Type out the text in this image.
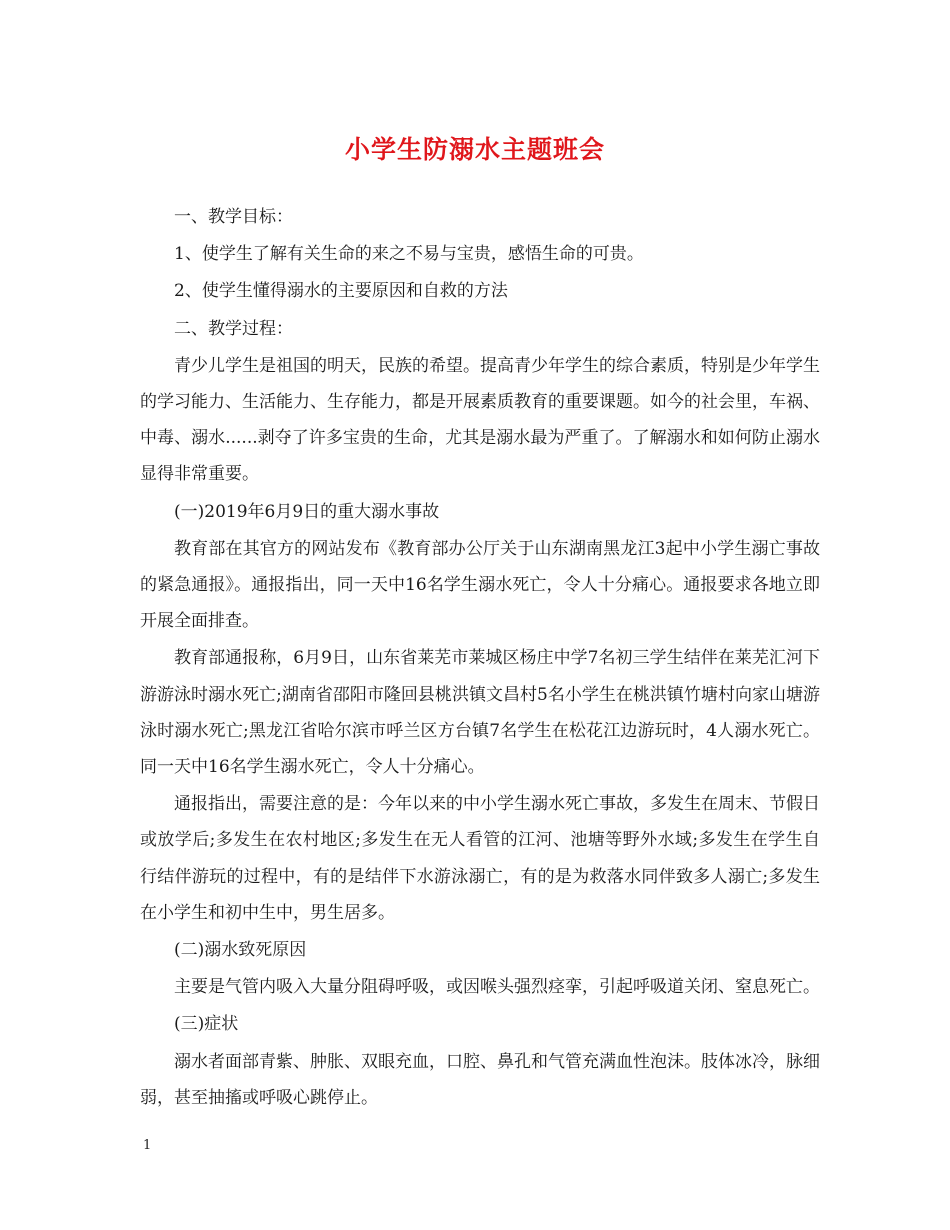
小学生防溺水主题班会

一、教学目标：

1、使学生了解有关生命的来之不易与宝贵，感悟生命的可贵。

2、使学生懂得溺水的主要原因和自救的方法

二、教学过程：

青少儿学生是祖国的明天，民族的希望。提高青少年学生的综合素质，特别是少年学生的学习能力、生活能力、生存能力，都是开展素质教育的重要课题。如今的社会里，车祸、中毒、溺水......剥夺了许多宝贵的生命，尤其是溺水最为严重了。了解溺水和如何防止溺水显得非常重要。

(一)2019年6月9日的重大溺水事故

教育部在其官方的网站发布《教育部办公厅关于山东湖南黑龙江3起中小学生溺亡事故的紧急通报》。通报指出，同一天中16名学生溺水死亡，令人十分痛心。通报要求各地立即开展全面排查。

教育部通报称，6月9日，山东省莱芜市莱城区杨庄中学7名初三学生结伴在莱芜汇河下游游泳时溺水死亡;湖南省邵阳市隆回县桃洪镇文昌村5名小学生在桃洪镇竹塘村向家山塘游泳时溺水死亡;黑龙江省哈尔滨市呼兰区方台镇7名学生在松花江边游玩时，4人溺水死亡。同一天中16名学生溺水死亡，令人十分痛心。

通报指出，需要注意的是：今年以来的中小学生溺水死亡事故，多发生在周末、节假日或放学后;多发生在农村地区;多发生在无人看管的江河、池塘等野外水域;多发生在学生自行结伴游玩的过程中，有的是结伴下水游泳溺亡，有的是为救落水同伴致多人溺亡;多发生在小学生和初中生中，男生居多。

(二)溺水致死原因

主要是气管内吸入大量分阻碍呼吸，或因喉头强烈痉挛，引起呼吸道关闭、窒息死亡。

(三)症状

溺水者面部青紫、肿胀、双眼充血，口腔、鼻孔和气管充满血性泡沫。肢体冰冷，脉细弱，甚至抽搐或呼吸心跳停止。

1
